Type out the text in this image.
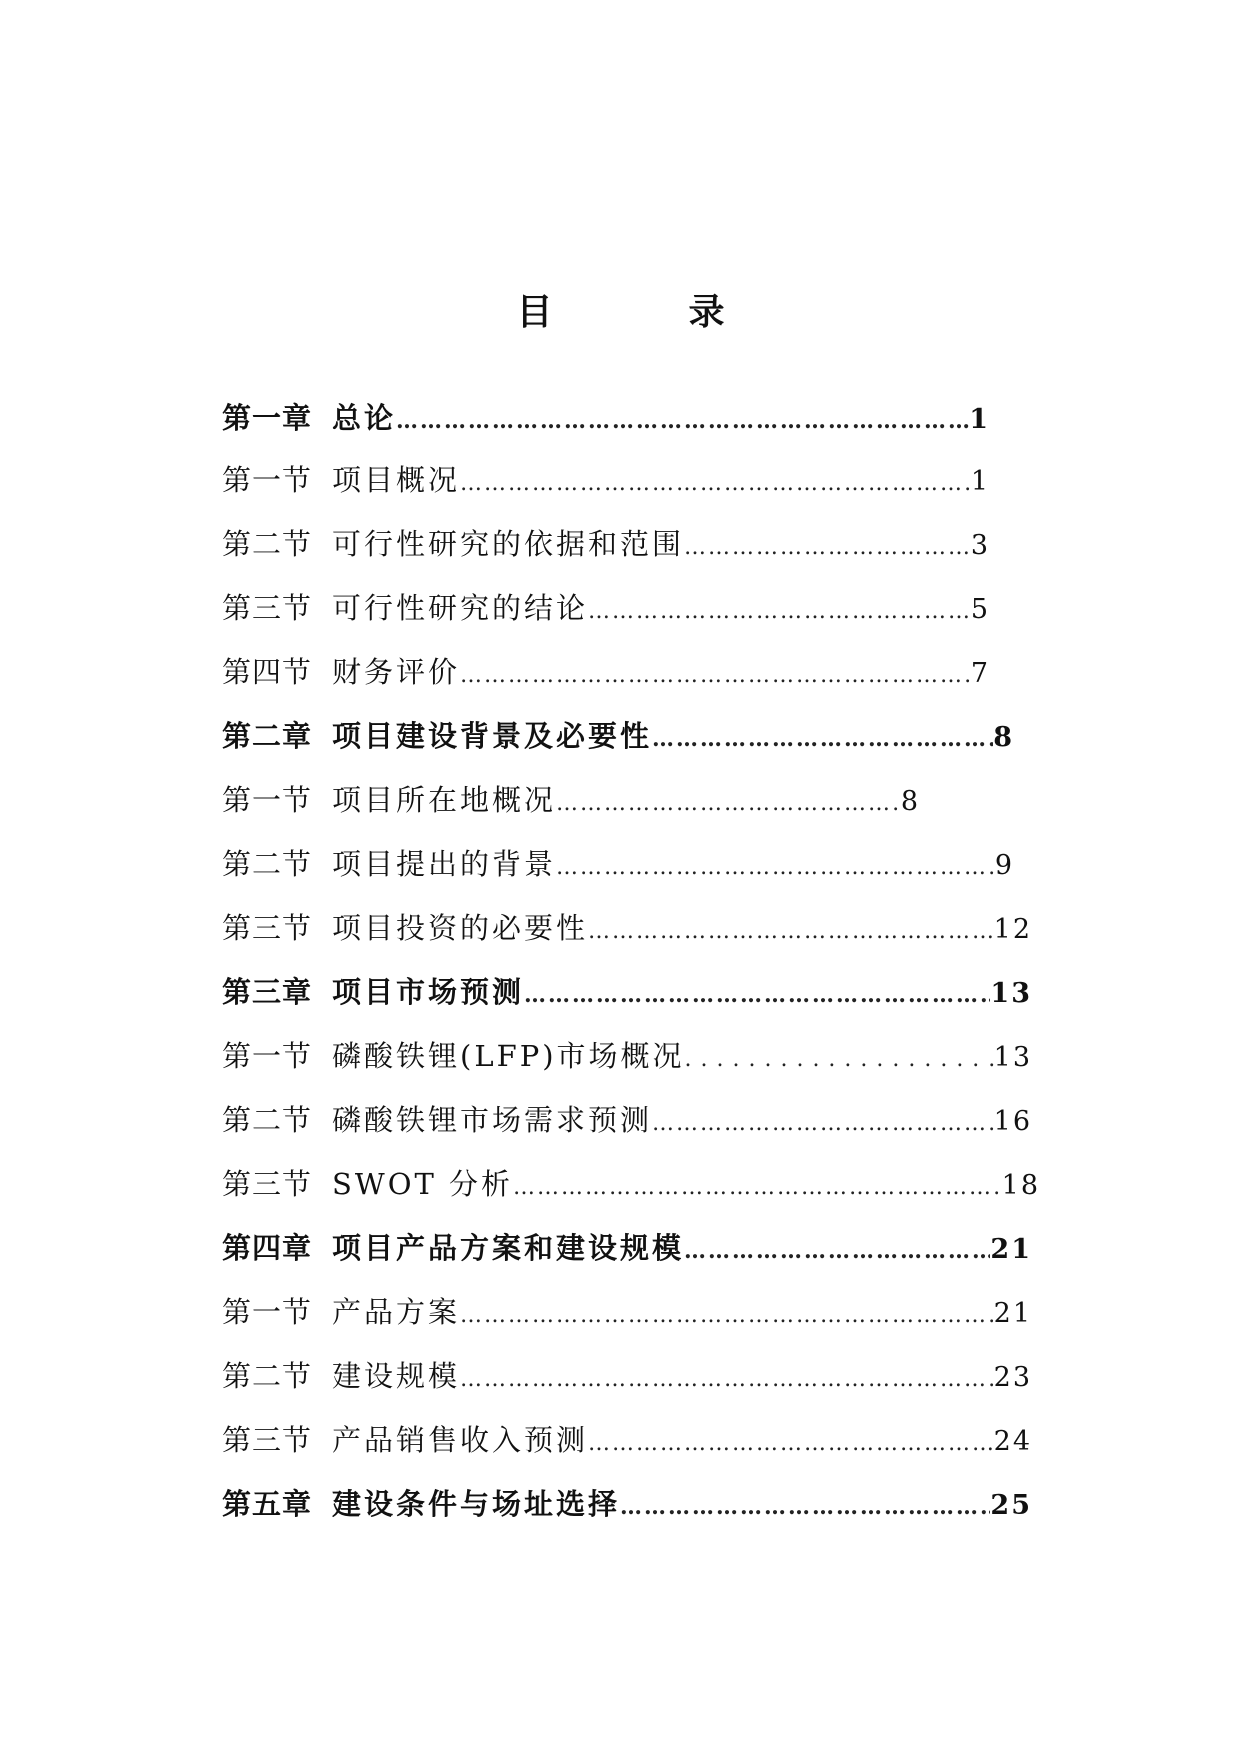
目　录
第一章 总论 …………………………………………………………………………………………………………………………………………………	1
第一节 项目概况 …………………………………………………………………………………………………………………………………………………	1
第二节 可行性研究的依据和范围 …………………………………………………………………………………………………………………………………………………	3
第三节 可行性研究的结论 …………………………………………………………………………………………………………………………………………………	5
第四节 财务评价 …………………………………………………………………………………………………………………………………………………	7
第二章 项目建设背景及必要性 …………………………………………………………………………………………………………………………………………………	8
第一节 项目所在地概况 …………………………………………………………………………………………………………………………………………………	8
第二节 项目提出的背景 …………………………………………………………………………………………………………………………………………………	9
第三节 项目投资的必要性 …………………………………………………………………………………………………………………………………………………	12
第三章 项目市场预测 …………………………………………………………………………………………………………………………………………………	13
第一节 磷酸铁锂(LFP)市场概况 . . .	13
第二节 磷酸铁锂市场需求预测 …………………………………………………………………………………………………………………………………………………	16
第三节 SWOT 分析 …………………………………………………………………………………………………………………………………………………	18
第四章 项目产品方案和建设规模 …………………………………………………………………………………………………………………………………………………	21
第一节 产品方案 …………………………………………………………………………………………………………………………………………………	21
第二节 建设规模 …………………………………………………………………………………………………………………………………………………	23
第三节 产品销售收入预测 …………………………………………………………………………………………………………………………………………………	24
第五章 建设条件与场址选择 …………………………………………………………………………………………………………………………………………………	25
